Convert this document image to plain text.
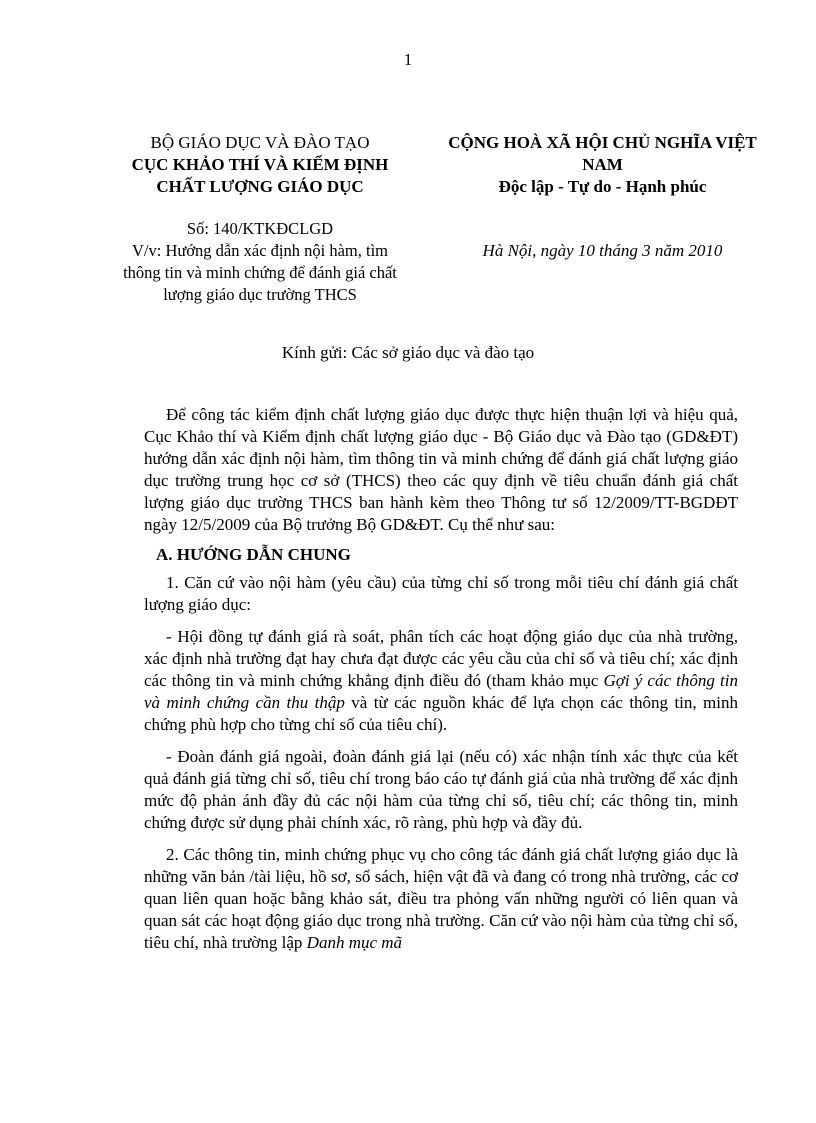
1
BỘ GIÁO DỤC VÀ ĐÀO TẠO
CỤC KHẢO THÍ VÀ KIỂM ĐỊNH
CHẤT LƯỢNG GIÁO DỤC
CỘNG HOÀ XÃ HỘI CHỦ NGHĨA VIỆT
NAM
Độc lập - Tự do - Hạnh phúc
Số: 140/KTKĐCLGD
V/v: Hướng dẫn xác định nội hàm, tìm
thông tin và minh chứng để đánh giá chất
lượng giáo dục trường THCS
Hà Nội, ngày 10 tháng 3 năm 2010
Kính gửi: Các sở giáo dục và đào tạo

Để công tác kiểm định chất lượng giáo dục được thực hiện thuận lợi và hiệu quả, Cục Khảo thí và Kiểm định chất lượng giáo dục - Bộ Giáo dục và Đào tạo (GD&ĐT) hướng dẫn xác định nội hàm, tìm thông tin và minh chứng để đánh giá chất lượng giáo dục trường trung học cơ sở (THCS) theo các quy định về tiêu chuẩn đánh giá chất lượng giáo dục trường THCS ban hành kèm theo Thông tư số 12/2009/TT-BGDĐT ngày 12/5/2009 của Bộ trưởng Bộ GD&ĐT. Cụ thể như sau:

A. HƯỚNG DẪN CHUNG

1. Căn cứ vào nội hàm (yêu cầu) của từng chỉ số trong mỗi tiêu chí đánh giá chất lượng giáo dục:

- Hội đồng tự đánh giá rà soát, phân tích các hoạt động giáo dục của nhà trường, xác định nhà trường đạt hay chưa đạt được các yêu cầu của chỉ số và tiêu chí; xác định các thông tin và minh chứng khẳng định điều đó (tham khảo mục Gợi ý các thông tin và minh chứng cần thu thập và từ các nguồn khác để lựa chọn các thông tin, minh chứng phù hợp cho từng chỉ số của tiêu chí).

- Đoàn đánh giá ngoài, đoàn đánh giá lại (nếu có) xác nhận tính xác thực của kết quả đánh giá từng chỉ số, tiêu chí trong báo cáo tự đánh giá của nhà trường để xác định mức độ phản ánh đầy đủ các nội hàm của từng chỉ số, tiêu chí; các thông tin, minh chứng được sử dụng phải chính xác, rõ ràng, phù hợp và đầy đủ.

2. Các thông tin, minh chứng phục vụ cho công tác đánh giá chất lượng giáo dục là những văn bản /tài liệu, hồ sơ, sổ sách, hiện vật đã và đang có trong nhà trường, các cơ quan liên quan hoặc bằng khảo sát, điều tra phỏng vấn những người có liên quan và quan sát các hoạt động giáo dục trong nhà trường. Căn cứ vào nội hàm của từng chỉ số, tiêu chí, nhà trường lập Danh mục mã
